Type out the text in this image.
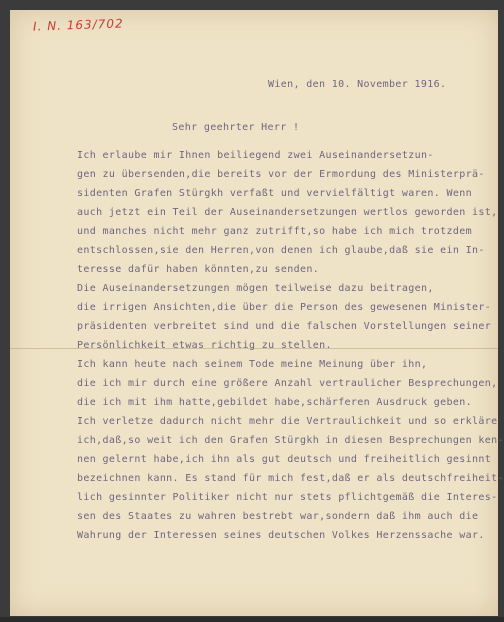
I. N. 163/702
Wien, den 10. November 1916.
Sehr geehrter Herr !
Ich erlaube mir Ihnen beiliegend zwei Auseinandersetzun-
gen zu übersenden,die bereits vor der Ermordung des Ministerprä-
sidenten Grafen Stürgkh verfaßt und vervielfältigt waren. Wenn
auch jetzt ein Teil der Auseinandersetzungen wertlos geworden ist,
und manches nicht mehr ganz zutrifft,so habe ich mich trotzdem
entschlossen,sie den Herren,von denen ich glaube,daß sie ein In-
teresse dafür haben könnten,zu senden.
Die Auseinandersetzungen mögen teilweise dazu beitragen,
die irrigen Ansichten,die über die Person des gewesenen Minister-
präsidenten verbreitet sind und die falschen Vorstellungen seiner
Persönlichkeit etwas richtig zu stellen.
Ich kann heute nach seinem Tode meine Meinung über ihn,
die ich mir durch eine größere Anzahl vertraulicher Besprechungen,
die ich mit ihm hatte,gebildet habe,schärferen Ausdruck geben.
Ich verletze dadurch nicht mehr die Vertraulichkeit und so erkläre
ich,daß,so weit ich den Grafen Stürgkh in diesen Besprechungen ken-
nen gelernt habe,ich ihn als gut deutsch und freiheitlich gesinnt
bezeichnen kann. Es stand für mich fest,daß er als deutschfreiheit-
lich gesinnter Politiker nicht nur stets pflichtgemäß die Interes-
sen des Staates zu wahren bestrebt war,sondern daß ihm auch die
Wahrung der Interessen seines deutschen Volkes Herzenssache war.
